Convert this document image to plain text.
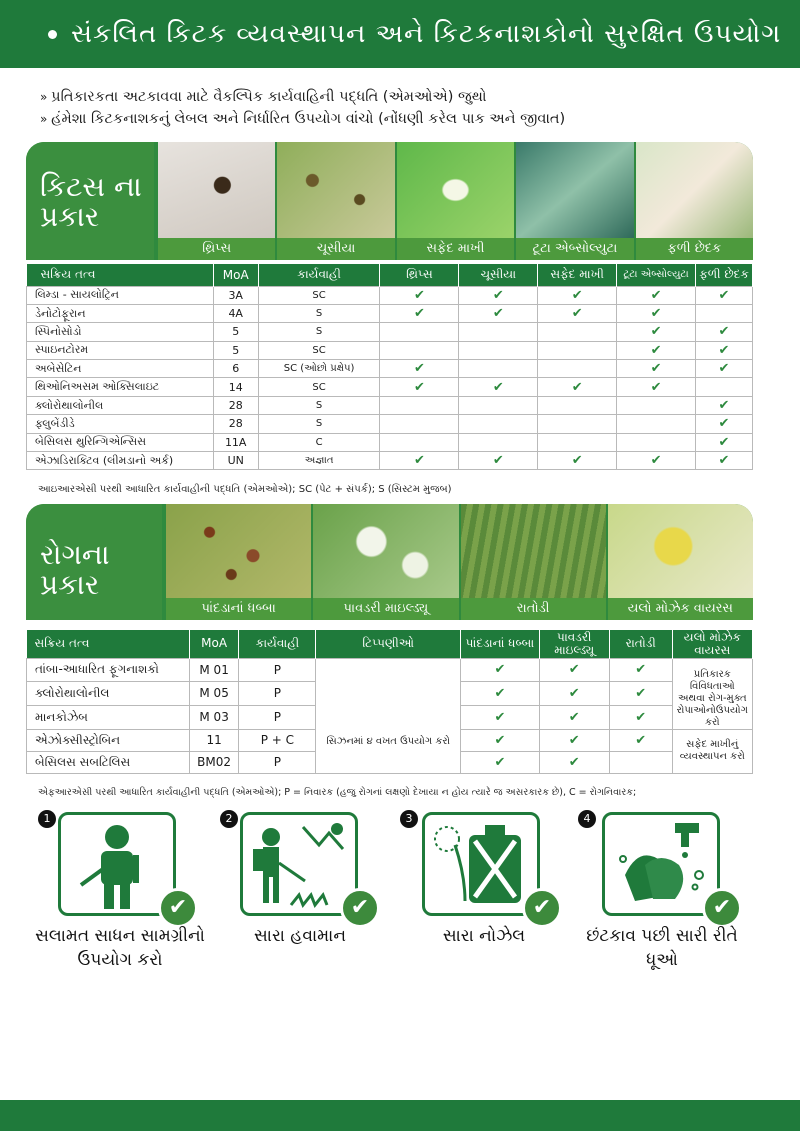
સંકલિત કિટક વ્યવસ્થાપન અને કિટકનાશકોનો સુરક્ષિત ઉપયોગ
» પ્રતિકારકતા અટકાવવા માટે વૈકલ્પિક કાર્યવાહિની પદ્ધતિ (એમઓએ) જુથો
» હંમેશા કિટકનાશકનું લેબલ અને નિર્ધારિત ઉપયોગ વાંચો (નોંધણી કરેલ પાક અને જીવાત)
કિટસ ના
પ્રકાર
થ્રિપ્સ	ચૂસીયા	સફેદ માખી	ટૂટા એબ્સોલ્યુટા	ફળી છેદક
સક્રિય તત્વ	MoA	કાર્યવાહી	થ્રિપ્સ	ચૂસીયા	સફેદ માખી	ટૂટા એબ્સોલ્યુટા	ફળી છેદક
લિમ્ડા - સાયલોટ્રિન	3A	SC	✔	✔	✔	✔	✔
ડેનોટોફૂરાન	4A	S	✔	✔	✔	✔	
સ્પિનોસોડો	5	S				✔	✔
સ્પાઇનટોરમ	5	SC				✔	✔
અબેસેટિન	6	SC (ઓછો પ્રક્ષેપ)	✔			✔	✔
થિઓનિઅસમ ઓક્સિલાઇટ	14	SC	✔	✔	✔	✔	
ક્લોરોથાલોનીલ	28	S					✔
ફ્લુબેંડીડે	28	S					✔
બેસિલસ થુરિન્ગિએન્સિસ	11A	C					✔
એઝાડિરાક્ટિવ (લીમડાનો અર્ક)	UN	અજ્ઞાત	✔	✔	✔	✔	✔
આઇઆરએસી પરથી આધારિત કાર્યવાહીની પદ્ધતિ (એમઓએ); SC (પેટ + સંપર્ક); S (સિસ્ટમ મુજબ)
રોગના
પ્રકાર
પાંદડાનાં ધબ્બા	પાવડરી માઇલ્ડ્યૂ	રાતોડી	યલો મોઝેક વાયરસ
સક્રિય તત્વ	MoA	કાર્યવાહી	ટિપ્પણીઓ	પાંદડાનાં ધબ્બા	પાવડરી માઇલ્ડ્યૂ	રાતોડી	યલો મોઝેક વાયરસ
તાંબા-આધારિત ફૂગનાશકો	M 01	P	સિઝનમાં ૪ વખત ઉપયોગ કરો	✔	✔	✔	પ્રતિકારક વિવિધતાઓ અથવા રોગ-મુક્ત રોપાઓનોઉપયોગ કરો
ક્લોરોથાલોનીલ	M 05	P		✔	✔	✔	
માનકોઝેબ	M 03	P		✔	✔	✔	
એઝોક્સીસ્ટ્રોબિન	11	P + C		✔	✔	✔	સફેદ માખીનું વ્યવસ્થાપન કરો
બેસિલસ સબટિલિસ	BM02	P		✔	✔		
એફઆરએસી પરથી આધારિત કાર્યવાહીની પદ્ધતિ (એમઓએ); P = નિવારક (હજુ રોગનાં લક્ષણો દેખાયા ન હોય ત્યારે જ અસરકારક છે), C = રોગનિવારક;
1
✔
સલામત સાધન સામગ્રીનો ઉપયોગ કરો
2
✔
સારા હવામાન
3
✔
સારા નોઝેલ
4
✔
છંટકાવ પછી સારી રીતે ધૂઓ
